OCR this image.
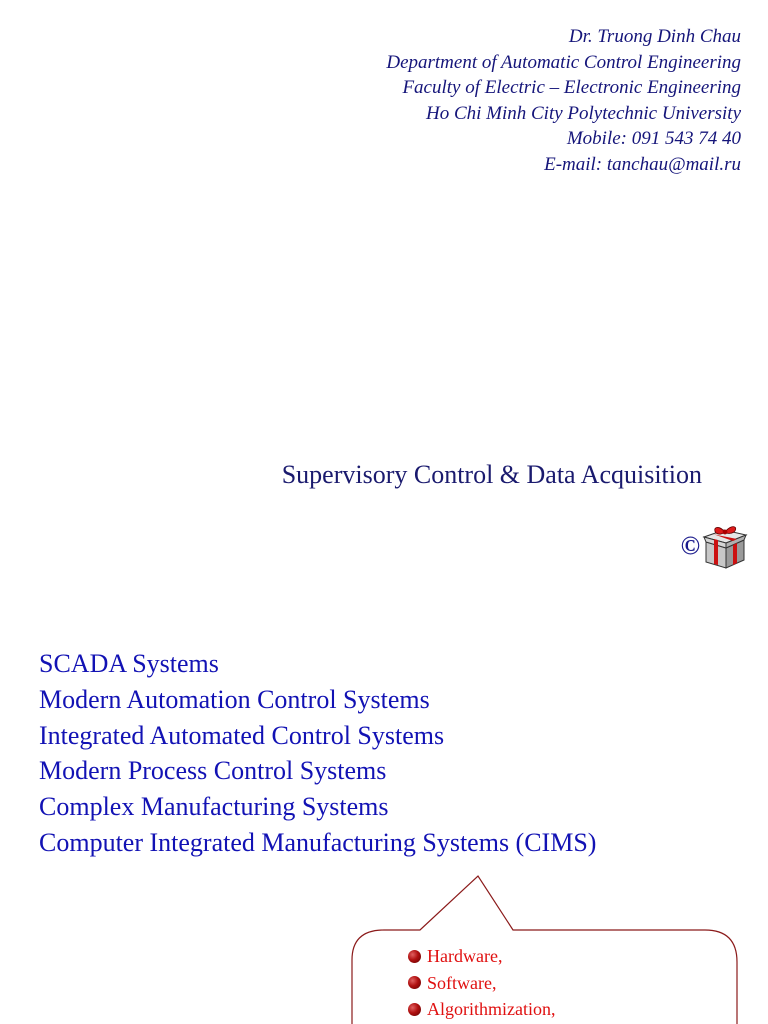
Dr. Truong Dinh Chau
Department of Automatic Control Engineering
Faculty of Electric – Electronic Engineering
Ho Chi Minh City Polytechnic University
Mobile: 091 543 74 40
E-mail: tanchau@mail.ru
Supervisory Control & Data Acquisition
©
SCADA Systems
Modern Automation Control Systems
Integrated Automated Control Systems
Modern Process Control Systems
Complex Manufacturing Systems
Computer Integrated Manufacturing Systems (CIMS)
Hardware,
Software,
Algorithmization,
